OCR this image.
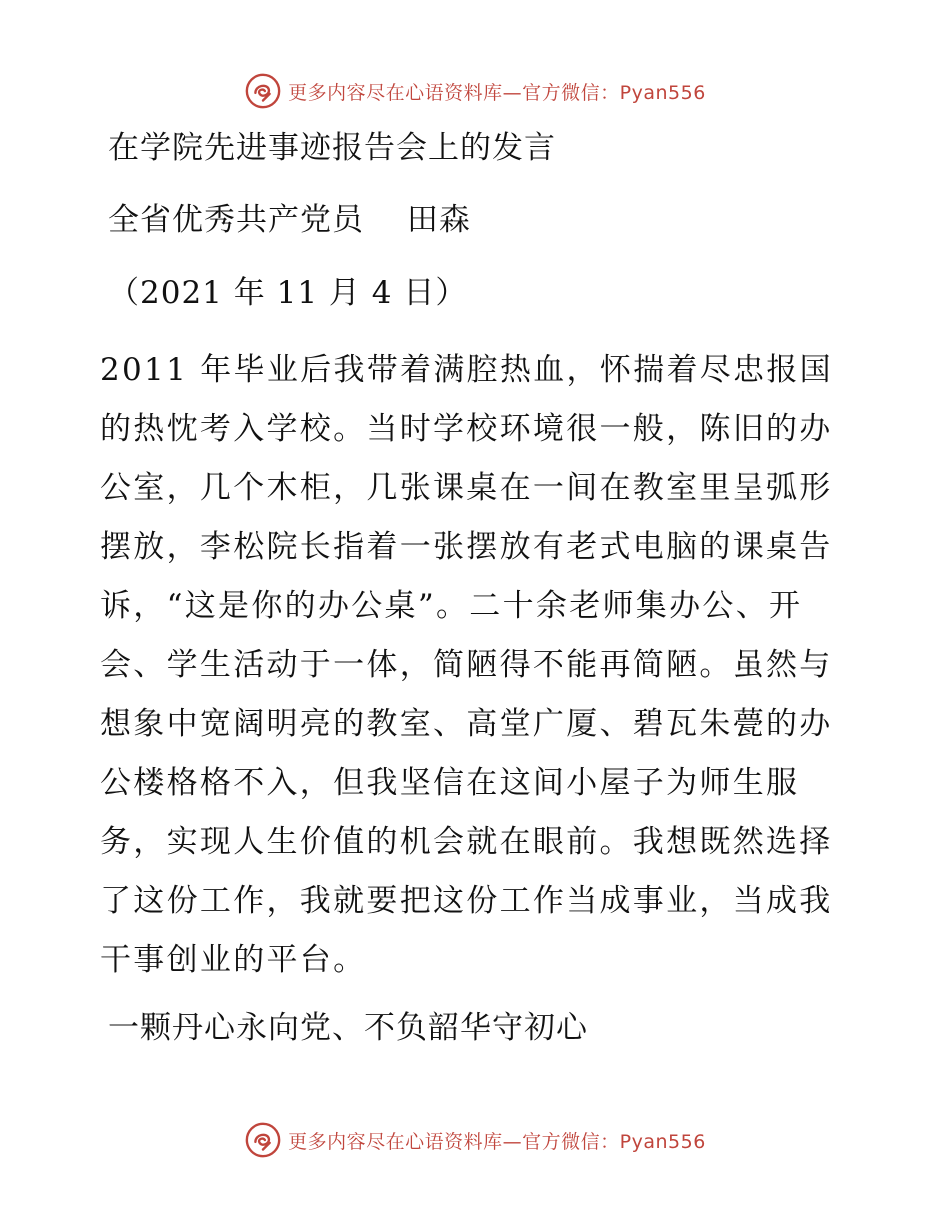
更多内容尽在心语资料库—官方微信：Pyan556
在学院先进事迹报告会上的发言
全省优秀共产党员　 田森
（2021 年 11 月 4 日）
2011 年毕业后我带着满腔热血，怀揣着尽忠报国
的热忱考入学校。当时学校环境很一般，陈旧的办
公室，几个木柜，几张课桌在一间在教室里呈弧形
摆放，李松院长指着一张摆放有老式电脑的课桌告
诉，“这是你的办公桌”。二十余老师集办公、开
会、学生活动于一体，简陋得不能再简陋。虽然与
想象中宽阔明亮的教室、高堂广厦、碧瓦朱甍的办
公楼格格不入，但我坚信在这间小屋子为师生服
务，实现人生价值的机会就在眼前。我想既然选择
了这份工作，我就要把这份工作当成事业，当成我
干事创业的平台。
一颗丹心永向党、不负韶华守初心
更多内容尽在心语资料库—官方微信：Pyan556
